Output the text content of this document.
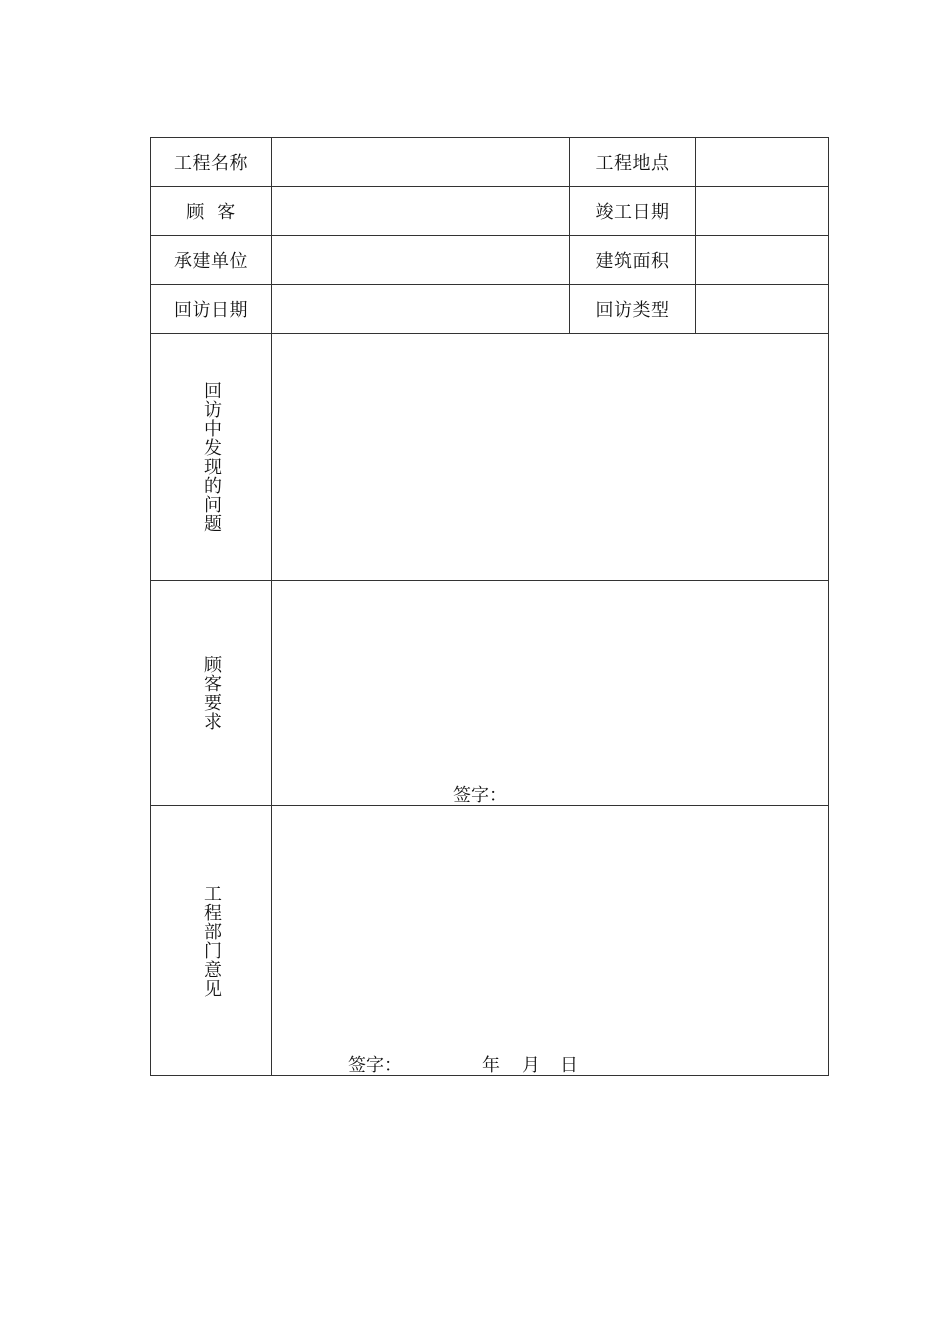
工程名称	工程地点
顾  客	竣工日期
承建单位	建筑面积
回访日期	回访类型
回访中发现的问题
顾客要求
签字：
工程部门意见
签字：	年 月 日
